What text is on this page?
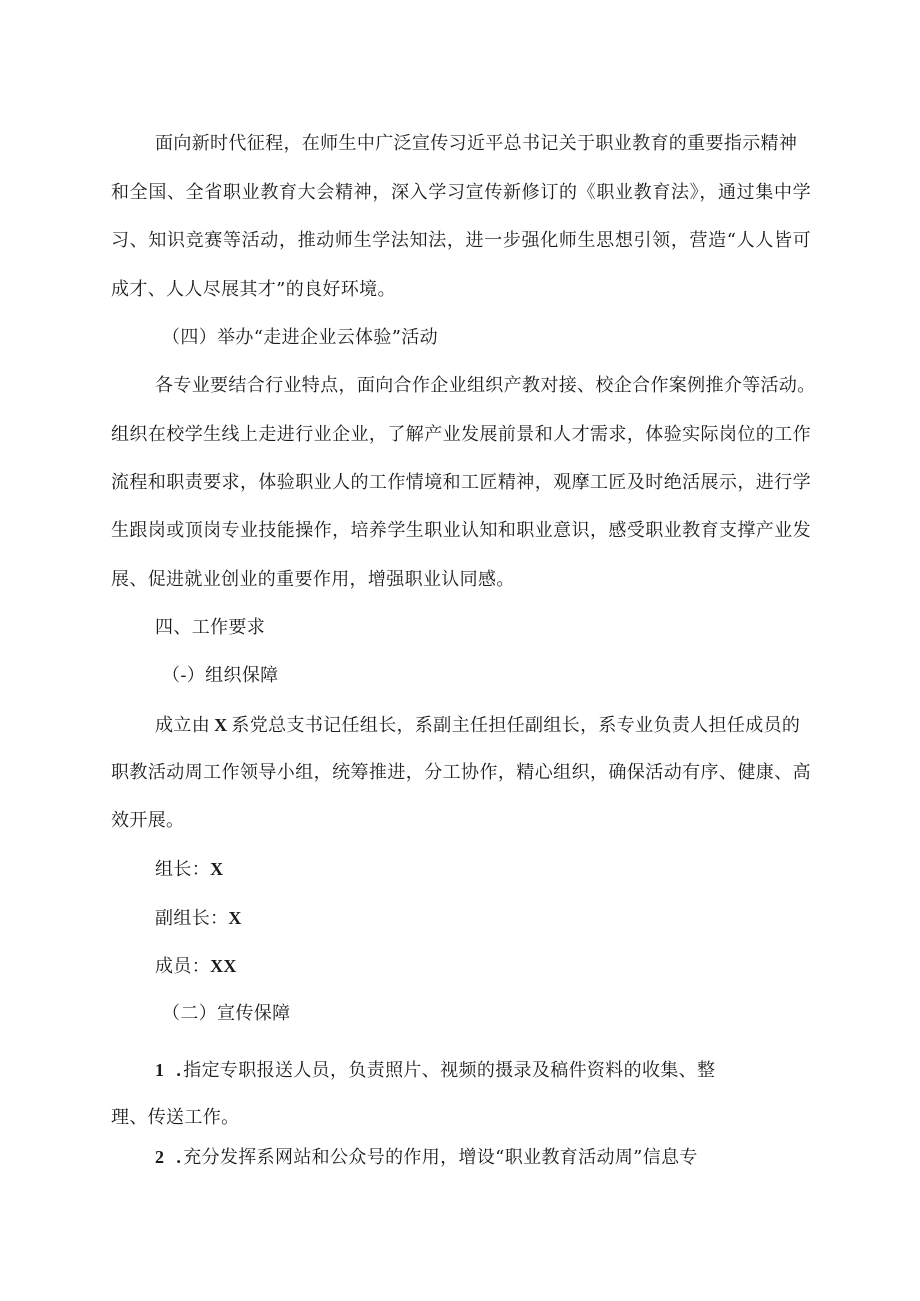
面向新时代征程，在师生中广泛宣传习近平总书记关于职业教育的重要指示精神
和全国、全省职业教育大会精神，深入学习宣传新修订的《职业教育法》，通过集中学
习、知识竞赛等活动，推动师生学法知法，进一步强化师生思想引领，营造“人人皆可
成才、人人尽展其才”的良好环境。
（四）举办“走进企业云体验”活动
各专业要结合行业特点，面向合作企业组织产教对接、校企合作案例推介等活动。
组织在校学生线上走进行业企业，了解产业发展前景和人才需求，体验实际岗位的工作
流程和职责要求，体验职业人的工作情境和工匠精神，观摩工匠及时绝活展示，进行学
生跟岗或顶岗专业技能操作，培养学生职业认知和职业意识，感受职业教育支撑产业发
展、促进就业创业的重要作用，增强职业认同感。
四、工作要求
（-）组织保障
成立由 X 系党总支书记任组长，系副主任担任副组长，系专业负责人担任成员的
职教活动周工作领导小组，统筹推进，分工协作，精心组织，确保活动有序、健康、高
效开展。
组长：X
副组长：X
成员：XX
（二）宣传保障
1 . 指定专职报送人员，负责照片、视频的摄录及稿件资料的收集、整
理、传送工作。
2 . 充分发挥系网站和公众号的作用，增设“职业教育活动周”信息专
